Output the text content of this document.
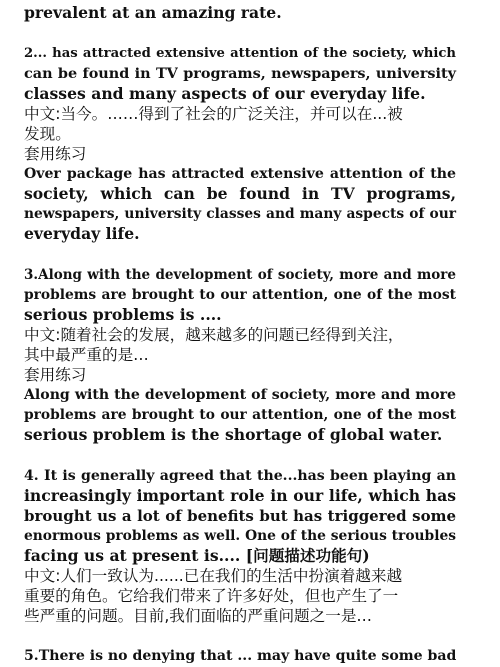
prevalent at an amazing rate.
2... has attracted extensive attention of the society, which
can be found in TV programs, newspapers, university
classes and many aspects of our everyday life.
中文:当今。……得到了社会的广泛关注，并可以在...被
发现。
套用练习
Over package has attracted extensive attention of the
society, which can be found in TV programs,
newspapers, university classes and many aspects of our
everyday life.
3.Along with the development of society, more and more
problems are brought to our attention, one of the most
serious problems is ....
中文:随着社会的发展，越来越多的问题已经得到关注，
其中最严重的是…
套用练习
Along with the development of society, more and more
problems are brought to our attention, one of the most
serious problem is the shortage of global water.
4. It is generally agreed that the...has been playing an
increasingly important role in our life, which has
brought us a lot of benefits but has triggered some
enormous problems as well. One of the serious troubles
facing us at present is.... [问题描述功能句)
中文:人们一致认为......已在我们的生活中扮演着越来越
重要的角色。它给我们带来了许多好处，但也产生了一
些严重的问题。目前,我们面临的严重问题之一是…
5.There is no denying that ... may have quite some bad
